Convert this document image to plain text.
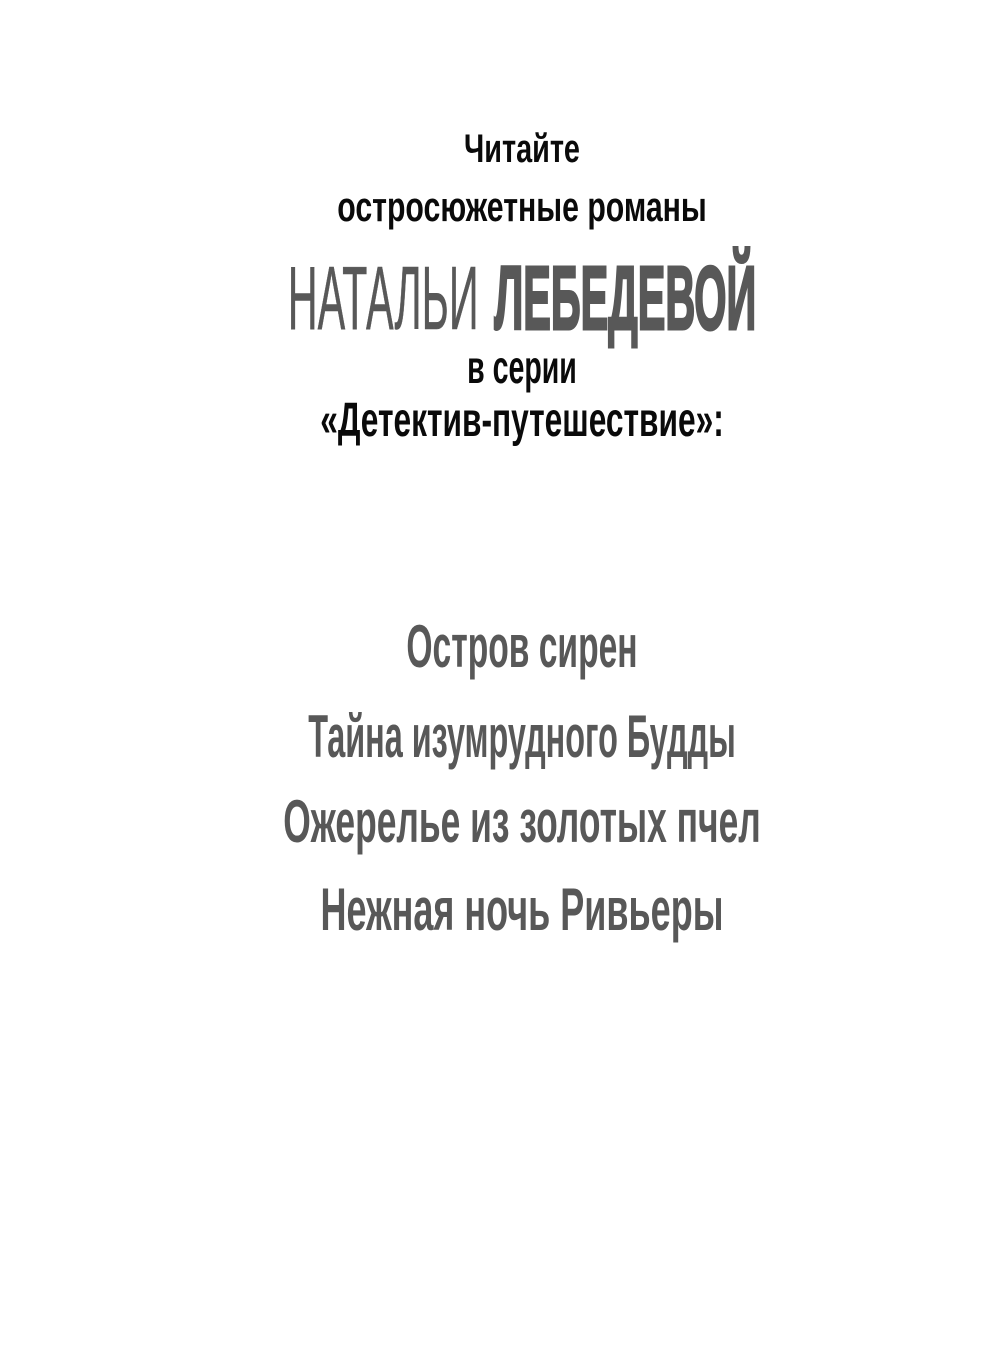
Читайте
остросюжетные романы
НАТАЛЬИ ЛЕБЕДЕВОЙ
в серии
«Детектив-путешествие»:
Остров сирен
Тайна изумрудного Будды
Ожерелье из золотых пчел
Нежная ночь Ривьеры
